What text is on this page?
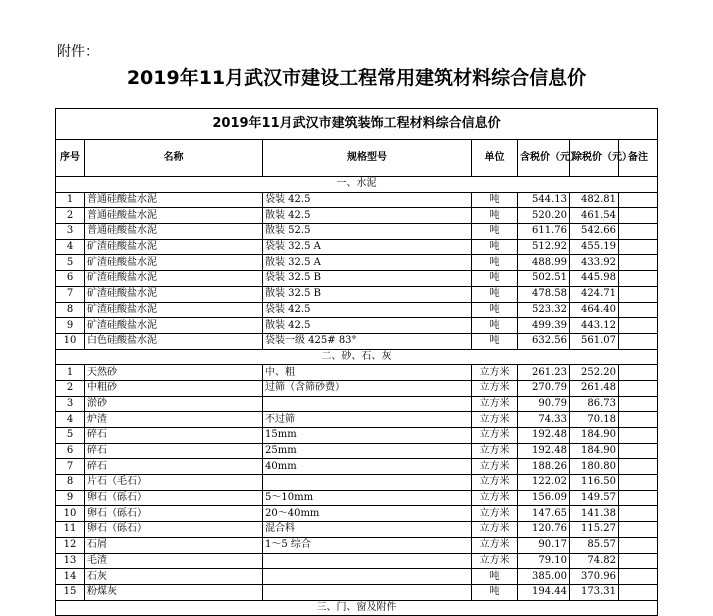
附件：
2019年11月武汉市建设工程常用建筑材料综合信息价
2019年11月武汉市建筑装饰工程材料综合信息价						
序号	名称	规格型号	单位	含税价（元）	除税价（元）	备注
一、水泥						
1	普通硅酸盐水泥	袋装 42.5	吨	544.13	482.81	
2	普通硅酸盐水泥	散装 42.5	吨	520.20	461.54	
3	普通硅酸盐水泥	散装 52.5	吨	611.76	542.66	
4	矿渣硅酸盐水泥	袋装 32.5 A	吨	512.92	455.19	
5	矿渣硅酸盐水泥	散装 32.5 A	吨	488.99	433.92	
6	矿渣硅酸盐水泥	袋装 32.5 B	吨	502.51	445.98	
7	矿渣硅酸盐水泥	散装 32.5 B	吨	478.58	424.71	
8	矿渣硅酸盐水泥	袋装 42.5	吨	523.32	464.40	
9	矿渣硅酸盐水泥	散装 42.5	吨	499.39	443.12	
10	白色硅酸盐水泥	袋装一级 425# 83°	吨	632.56	561.07	
二、砂、石、灰						
1	天然砂	中、粗	立方米	261.23	252.20	
2	中粗砂	过筛（含筛砂费）	立方米	270.79	261.48	
3	淤砂		立方米	90.79	86.73	
4	炉渣	不过筛	立方米	74.33	70.18	
5	碎石	15mm	立方米	192.48	184.90	
6	碎石	25mm	立方米	192.48	184.90	
7	碎石	40mm	立方米	188.26	180.80	
8	片石（毛石）		立方米	122.02	116.50	
9	卵石（砾石）	5～10mm	立方米	156.09	149.57	
10	卵石（砾石）	20～40mm	立方米	147.65	141.38	
11	卵石（砾石）	混合料	立方米	120.76	115.27	
12	石屑	1～5 综合	立方米	90.17	85.57	
13	毛渣		立方米	79.10	74.82	
14	石灰		吨	385.00	370.96	
15	粉煤灰		吨	194.44	173.31	
三、门、窗及附件						
